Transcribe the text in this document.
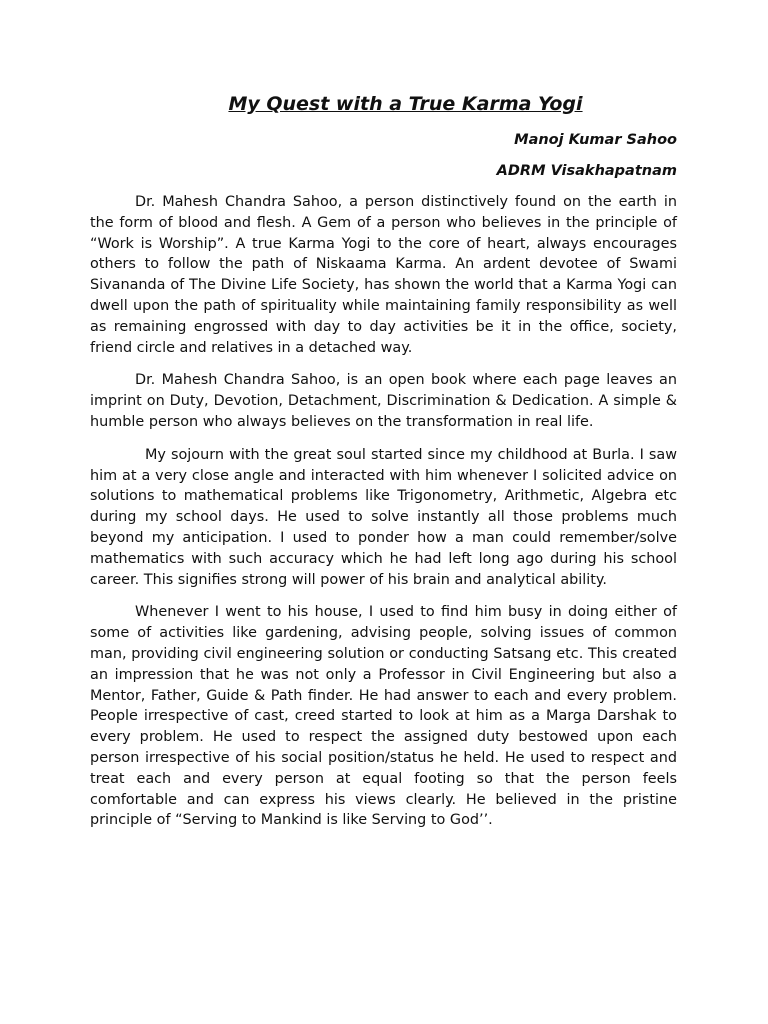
My Quest with a True Karma Yogi
Manoj Kumar Sahoo
ADRM Visakhapatnam

Dr. Mahesh Chandra Sahoo, a person distinctively found on the earth in the form of blood and flesh. A Gem of a person who believes in the principle of “Work is Worship”. A true Karma Yogi to the core of heart, always encourages others to follow the path of Niskaama Karma. An ardent devotee of Swami Sivananda of The Divine Life Society, has shown the world that a Karma Yogi can dwell upon the path of spirituality while maintaining family responsibility as well as remaining engrossed with day to day activities be it in the office, society, friend circle and relatives in a detached way.

Dr. Mahesh Chandra Sahoo, is an open book where each page leaves an imprint on Duty, Devotion, Detachment, Discrimination & Dedication. A simple & humble person who always believes on the transformation in real life.

My sojourn with the great soul started since my childhood at Burla. I saw him at a very close angle and interacted with him whenever I solicited advice on solutions to mathematical problems like Trigonometry, Arithmetic, Algebra etc during my school days. He used to solve instantly all those problems much beyond my anticipation. I used to ponder how a man could remember/solve mathematics with such accuracy which he had left long ago during his school career. This signifies strong will power of his brain and analytical ability.

Whenever I went to his house, I used to find him busy in doing either of some of activities like gardening, advising people, solving issues of common man, providing civil engineering solution or conducting Satsang etc. This created an impression that he was not only a Professor in Civil Engineering but also a Mentor, Father, Guide & Path finder. He had answer to each and every problem. People irrespective of cast, creed started to look at him as a Marga Darshak to every problem. He used to respect the assigned duty bestowed upon each person irrespective of his social position/status he held. He used to respect and treat each and every person at equal footing so that the person feels comfortable and can express his views clearly. He believed in the pristine principle of “Serving to Mankind is like Serving to God’’.
